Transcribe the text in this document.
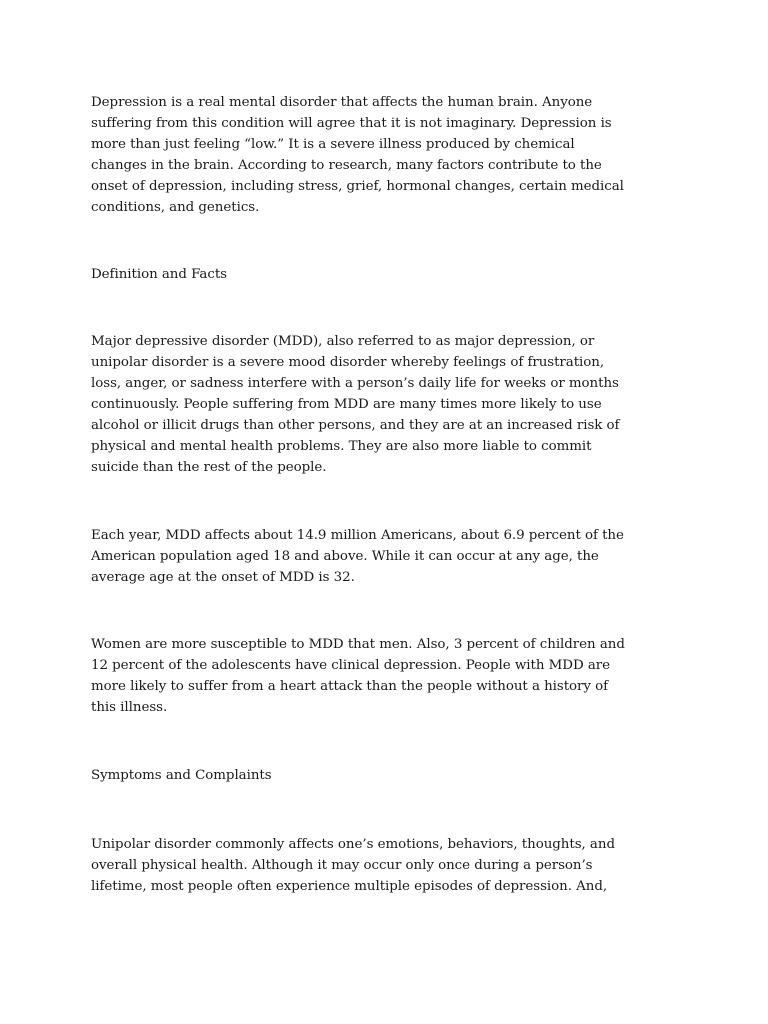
Depression is a real mental disorder that affects the human brain. Anyone
suffering from this condition will agree that it is not imaginary. Depression is
more than just feeling “low.” It is a severe illness produced by chemical
changes in the brain. According to research, many factors contribute to the
onset of depression, including stress, grief, hormonal changes, certain medical
conditions, and genetics.

Definition and Facts

Major depressive disorder (MDD), also referred to as major depression, or
unipolar disorder is a severe mood disorder whereby feelings of frustration,
loss, anger, or sadness interfere with a person’s daily life for weeks or months
continuously. People suffering from MDD are many times more likely to use
alcohol or illicit drugs than other persons, and they are at an increased risk of
physical and mental health problems. They are also more liable to commit
suicide than the rest of the people.

Each year, MDD affects about 14.9 million Americans, about 6.9 percent of the
American population aged 18 and above. While it can occur at any age, the
average age at the onset of MDD is 32.

Women are more susceptible to MDD that men. Also, 3 percent of children and
12 percent of the adolescents have clinical depression. People with MDD are
more likely to suffer from a heart attack than the people without a history of
this illness.

Symptoms and Complaints

Unipolar disorder commonly affects one’s emotions, behaviors, thoughts, and
overall physical health. Although it may occur only once during a person’s
lifetime, most people often experience multiple episodes of depression. And,
